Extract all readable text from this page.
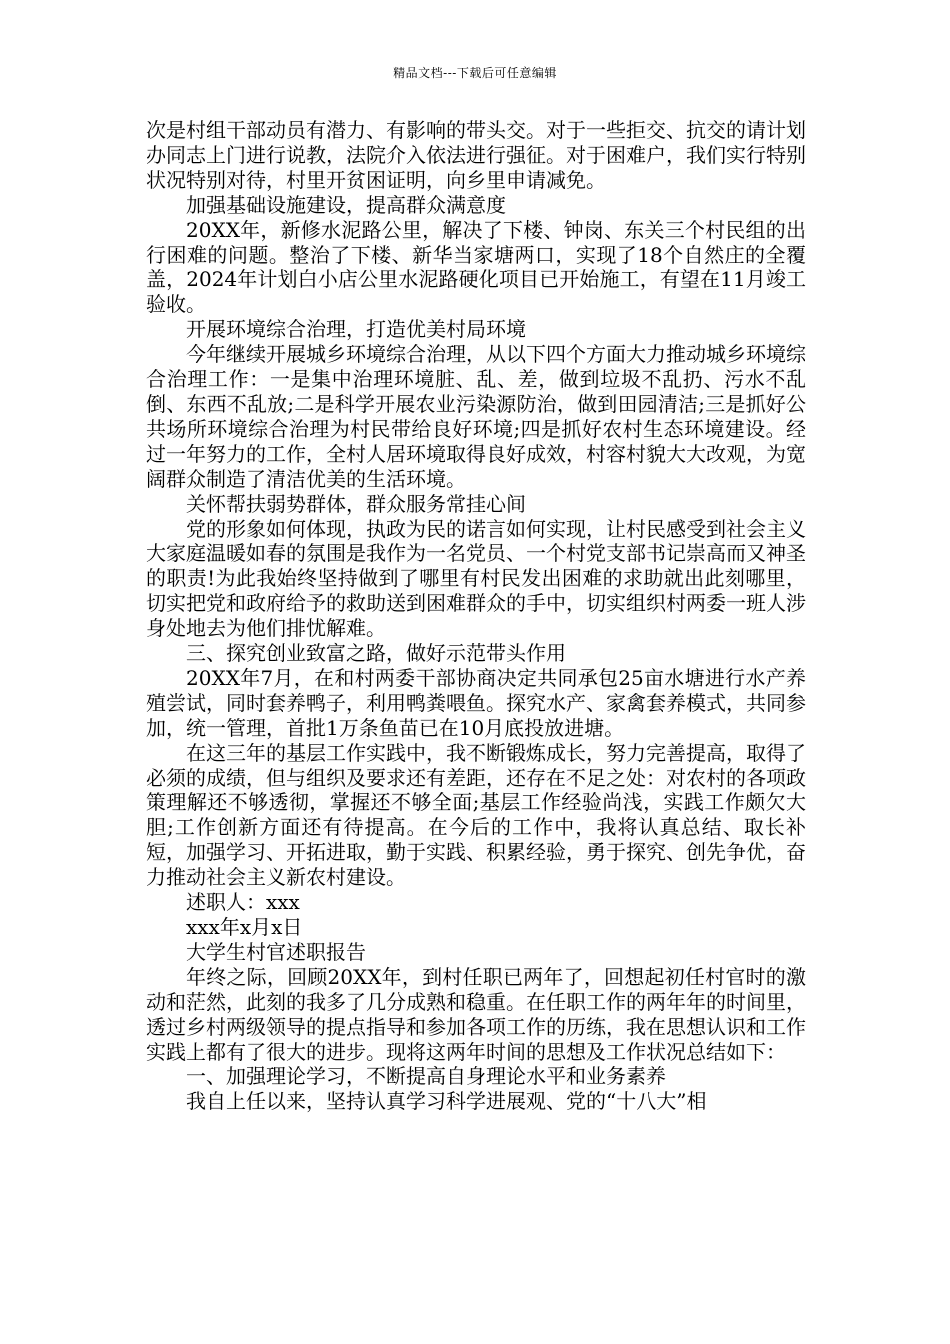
精品文档---下载后可任意编辑

次是村组干部动员有潜力、有影响的带头交。对于一些拒交、抗交的请计划办同志上门进行说教，法院介入依法进行强征。对于困难户，我们实行特别状况特别对待，村里开贫困证明，向乡里申请减免。

加强基础设施建设，提高群众满意度

20XX年，新修水泥路公里，解决了下楼、钟岗、东关三个村民组的出行困难的问题。整治了下楼、新华当家塘两口，实现了18个自然庄的全覆盖，2024年计划白小店公里水泥路硬化项目已开始施工，有望在11月竣工验收。

开展环境综合治理，打造优美村局环境

今年继续开展城乡环境综合治理，从以下四个方面大力推动城乡环境综合治理工作：一是集中治理环境脏、乱、差，做到垃圾不乱扔、污水不乱倒、东西不乱放;二是科学开展农业污染源防治，做到田园清洁;三是抓好公共场所环境综合治理为村民带给良好环境;四是抓好农村生态环境建设。经过一年努力的工作，全村人居环境取得良好成效，村容村貌大大改观，为宽阔群众制造了清洁优美的生活环境。

关怀帮扶弱势群体，群众服务常挂心间

党的形象如何体现，执政为民的诺言如何实现，让村民感受到社会主义大家庭温暖如春的氛围是我作为一名党员、一个村党支部书记崇高而又神圣的职责!为此我始终坚持做到了哪里有村民发出困难的求助就出此刻哪里，切实把党和政府给予的救助送到困难群众的手中，切实组织村两委一班人涉身处地去为他们排忧解难。

三、探究创业致富之路，做好示范带头作用

20XX年7月，在和村两委干部协商决定共同承包25亩水塘进行水产养殖尝试，同时套养鸭子，利用鸭粪喂鱼。探究水产、家禽套养模式，共同参加，统一管理，首批1万条鱼苗已在10月底投放进塘。

在这三年的基层工作实践中，我不断锻炼成长，努力完善提高，取得了必须的成绩，但与组织及要求还有差距，还存在不足之处：对农村的各项政策理解还不够透彻，掌握还不够全面;基层工作经验尚浅，实践工作颇欠大胆;工作创新方面还有待提高。在今后的工作中，我将认真总结、取长补短，加强学习、开拓进取，勤于实践、积累经验，勇于探究、创先争优，奋力推动社会主义新农村建设。

述职人：xxx

xxx年x月x日

大学生村官述职报告

年终之际，回顾20XX年，到村任职已两年了，回想起初任村官时的激动和茫然，此刻的我多了几分成熟和稳重。在任职工作的两年年的时间里，透过乡村两级领导的提点指导和参加各项工作的历练，我在思想认识和工作实践上都有了很大的进步。现将这两年时间的思想及工作状况总结如下：

一、加强理论学习，不断提高自身理论水平和业务素养

我自上任以来，坚持认真学习科学进展观、党的“十八大”相
